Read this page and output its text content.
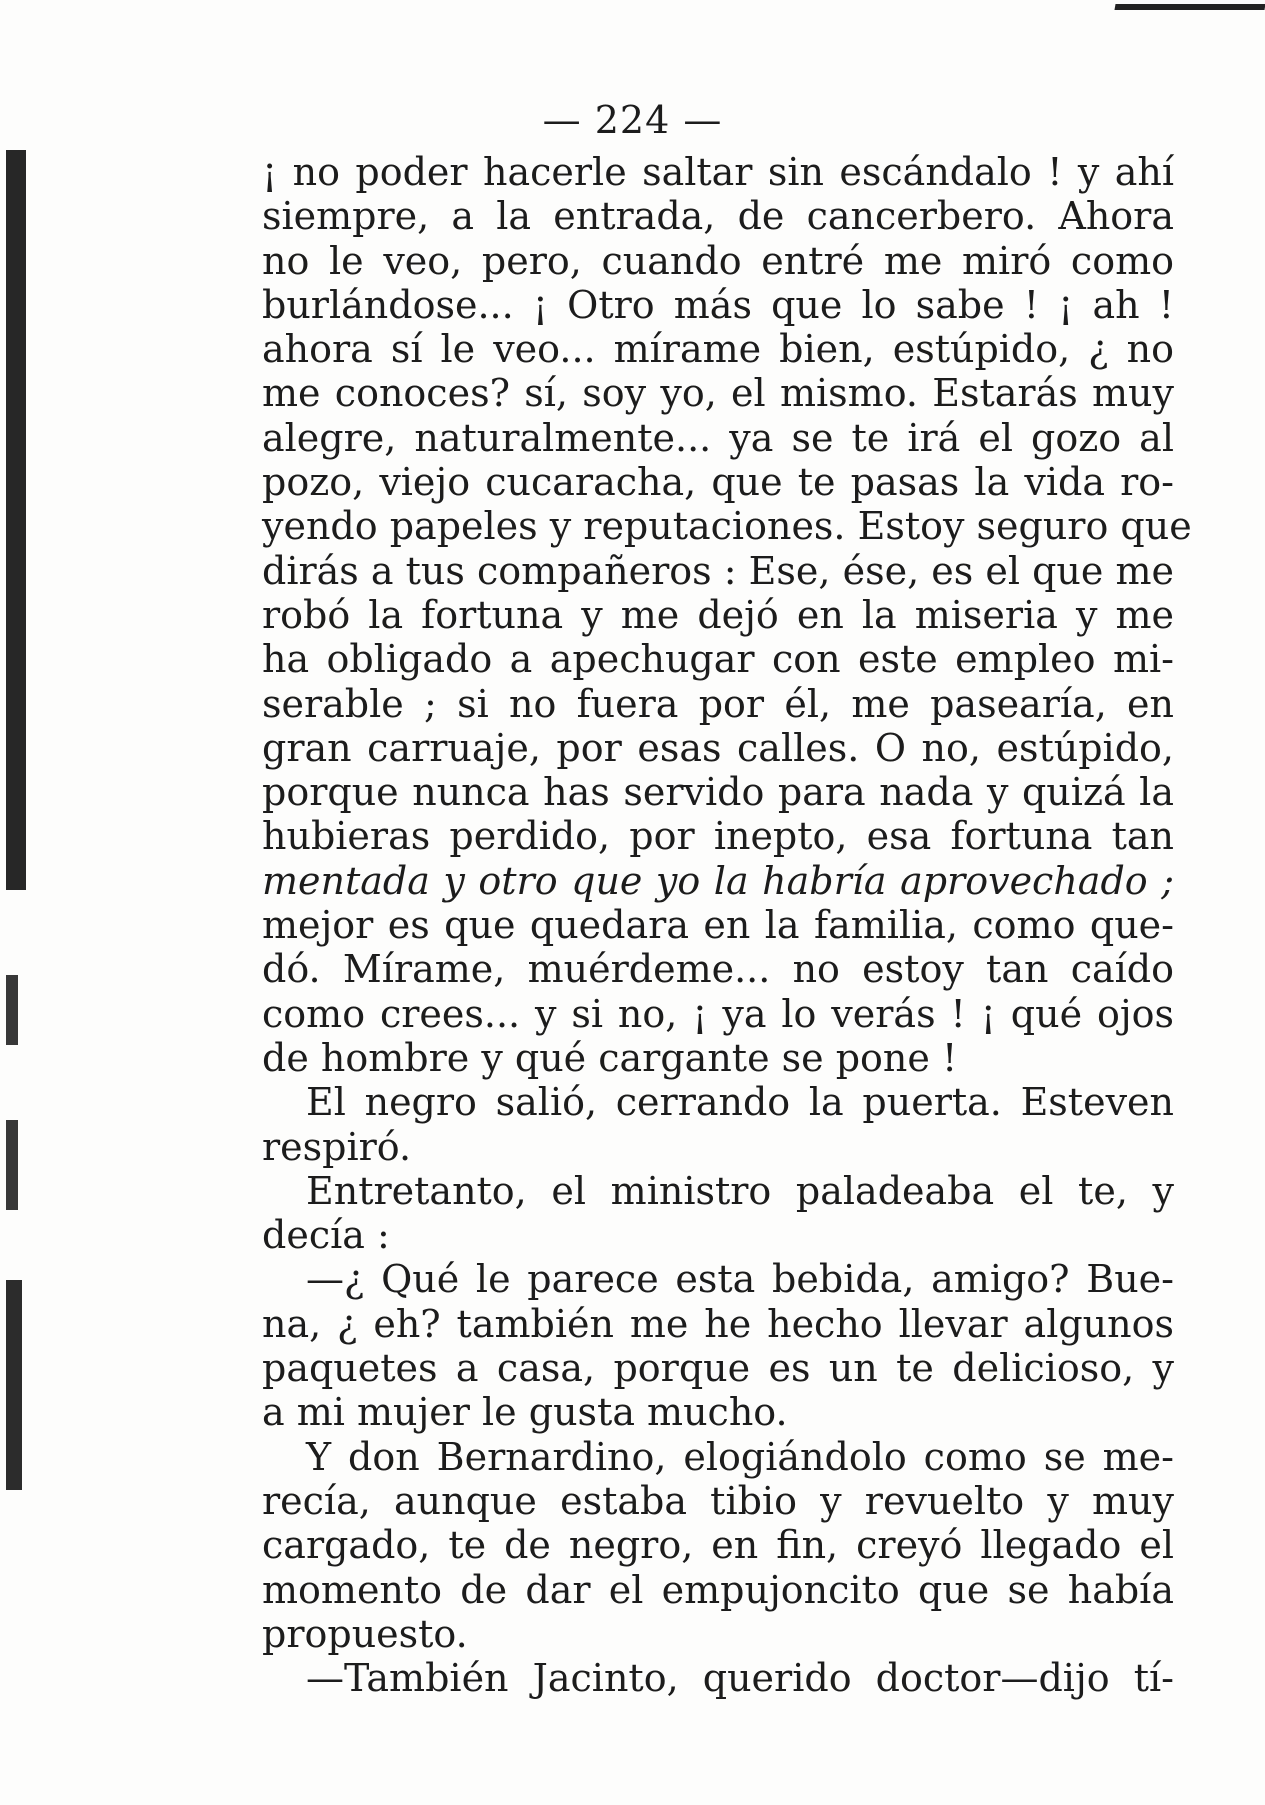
— 224 —
¡ no poder hacerle saltar sin escándalo ! y ahí
siempre, a la entrada, de cancerbero. Ahora
no le veo, pero, cuando entré me miró como
burlándose... ¡ Otro más que lo sabe ! ¡ ah !
ahora sí le veo... mírame bien, estúpido, ¿ no
me conoces? sí, soy yo, el mismo. Estarás muy
alegre, naturalmente... ya se te irá el gozo al
pozo, viejo cucaracha, que te pasas la vida ro-
yendo papeles y reputaciones. Estoy seguro que
dirás a tus compañeros : Ese, ése, es el que me
robó la fortuna y me dejó en la miseria y me
ha obligado a apechugar con este empleo mi-
serable ; si no fuera por él, me pasearía, en
gran carruaje, por esas calles. O no, estúpido,
porque nunca has servido para nada y quizá la
hubieras perdido, por inepto, esa fortuna tan
mentada y otro que yo la habría aprovechado ;
mejor es que quedara en la familia, como que-
dó. Mírame, muérdeme... no estoy tan caído
como crees... y si no, ¡ ya lo verás ! ¡ qué ojos
de hombre y qué cargante se pone !
El negro salió, cerrando la puerta. Esteven
respiró.
Entretanto, el ministro paladeaba el te, y
decía :
—¿ Qué le parece esta bebida, amigo? Bue-
na, ¿ eh? también me he hecho llevar algunos
paquetes a casa, porque es un te delicioso, y
a mi mujer le gusta mucho.
Y don Bernardino, elogiándolo como se me-
recía, aunque estaba tibio y revuelto y muy
cargado, te de negro, en fin, creyó llegado el
momento de dar el empujoncito que se había
propuesto.
—También Jacinto, querido doctor—dijo tí-
